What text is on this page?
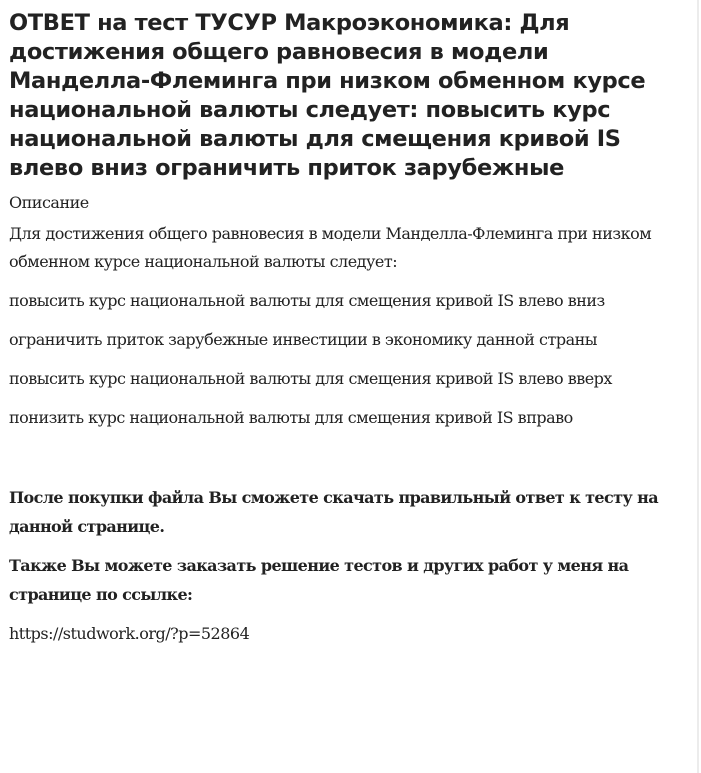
ОТВЕТ на тест ТУСУР Макроэкономика: Для достижения общего равновесия в модели Манделла-Флеминга при низком обменном курсе национальной валюты следует: повысить курс национальной валюты для смещения кривой IS влево вниз ограничить приток зарубежные
Описание
Для достижения общего равновесия в модели Манделла-Флеминга при низком обменном курсе национальной валюты следует:
повысить курс национальной валюты для смещения кривой IS влево вниз
ограничить приток зарубежные инвестиции в экономику данной страны
повысить курс национальной валюты для смещения кривой IS влево вверх
понизить курс национальной валюты для смещения кривой IS вправо
После покупки файла Вы сможете скачать правильный ответ к тесту на данной странице.
Также Вы можете заказать решение тестов и других работ у меня на странице по ссылке:
https://studwork.org/?p=52864
